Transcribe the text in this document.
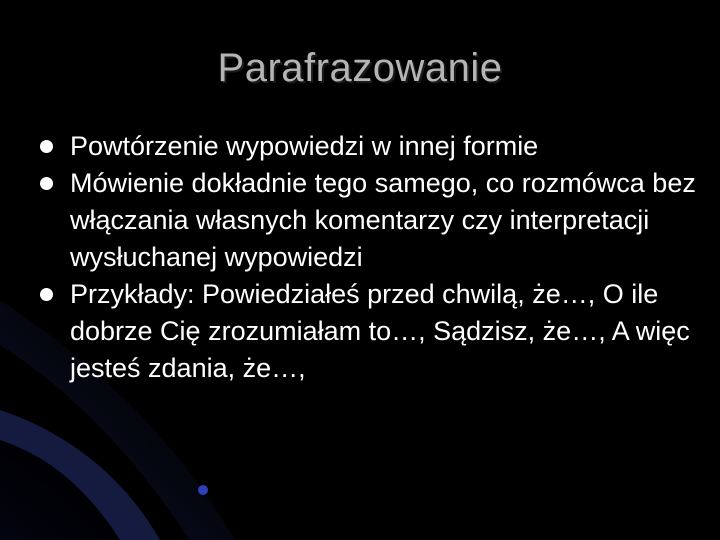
Parafrazowanie
Powtórzenie wypowiedzi w innej formie
Mówienie dokładnie tego samego, co rozmówca bez włączania własnych komentarzy czy interpretacji wysłuchanej wypowiedzi
Przykłady: Powiedziałeś przed chwilą, że…, O ile dobrze Cię zrozumiałam to…, Sądzisz, że…, A więc jesteś zdania, że…,
